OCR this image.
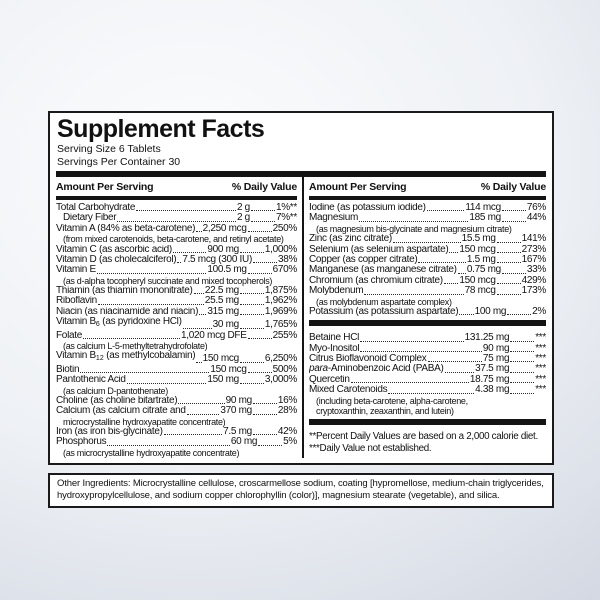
Supplement Facts
Serving Size 6 Tablets
Servings Per Container 30
Amount Per Serving	% Daily Value
Total Carbohydrate	2 g	1%**
Dietary Fiber	2 g	7%**
Vitamin A (84% as beta-carotene) 2,250 mcg	250%
(from mixed carotenoids, beta-carotene, and retinyl acetate)
Vitamin C (as ascorbic acid)	900 mg	1,000%
Vitamin D (as cholecalciferol) 7.5 mcg (300 IU)	38%
Vitamin E	100.5 mg	670%
(as d-alpha tocopheryl succinate and mixed tocopherols)
Thiamin (as thiamin mononitrate) 22.5 mg	1,875%
Riboflavin	25.5 mg	1,962%
Niacin (as niacinamide and niacin) 315 mg	1,969%
Vitamin $B_6$ (as pyridoxine HCl)	30 mg	1,765%
Folate	1,020 mcg DFE	255%
(as calcium L-5-methyltetrahydrofolate)
Vitamin $B_{12}$ (as methylcobalamin) 150 mcg	6,250%
Biotin	150 mcg	500%
Pantothenic Acid	150 mg	3,000%
(as calcium D-pantothenate)
Choline (as choline bitartrate)	90 mg	16%
Calcium (as calcium citrate and	370 mg	28%
microcrystalline hydroxyapatite concentrate)
Iron (as iron bis-glycinate)	7.5 mg	42%
Phosphorus	60 mg	5%
(as microcrystalline hydroxyapatite concentrate)
Amount Per Serving	% Daily Value
Iodine (as potassium iodide)	114 mcg	76%
Magnesium	185 mg	44%
(as magnesium bis-glycinate and magnesium citrate)
Zinc (as zinc citrate)	15.5 mg	141%
Selenium (as selenium aspartate) 150 mcg	273%
Copper (as copper citrate)	1.5 mg	167%
Manganese (as manganese citrate) 0.75 mg	33%
Chromium (as chromium citrate) 150 mcg	429%
Molybdenum	78 mcg	173%
(as molybdenum aspartate complex)
Potassium (as potassium aspartate) 100 mg	2%
Betaine HCl	131.25 mg	***
Myo-Inositol	90 mg	***
Citrus Bioflavonoid Complex	75 mg	***
para-Aminobenzoic Acid (PABA)	37.5 mg	***
Quercetin	18.75 mg	***
Mixed Carotenoids	4.38 mg	***
(including beta-carotene, alpha-carotene,
cryptoxanthin, zeaxanthin, and lutein)
**Percent Daily Values are based on a 2,000 calorie diet.
***Daily Value not established.
Other Ingredients: Microcrystalline cellulose, croscarmellose sodium, coating [hypromellose, medium-chain triglycerides, hydroxypropylcellulose, and sodium copper chlorophyllin (color)], magnesium stearate (vegetable), and silica.
